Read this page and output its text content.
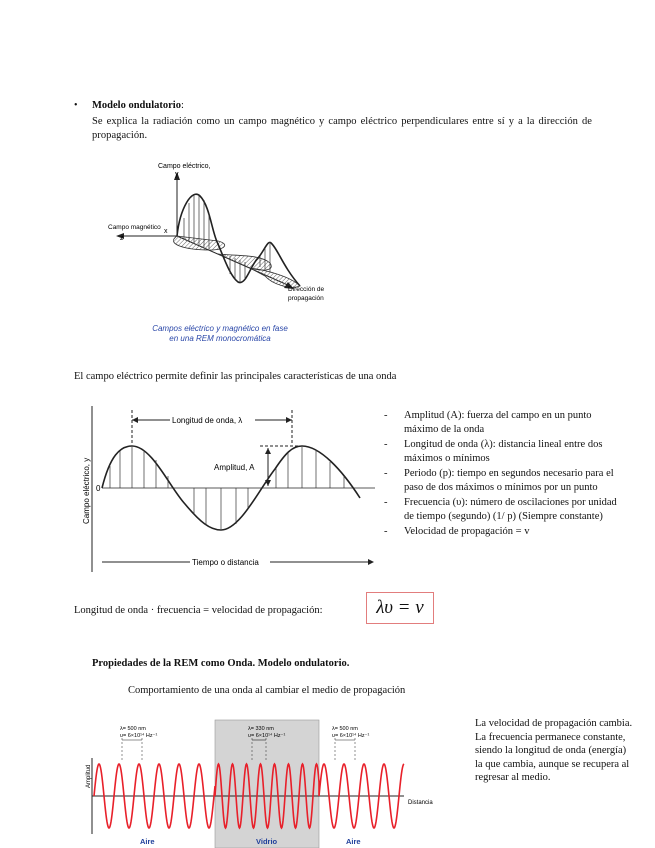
• Modelo ondulatorio:
Se explica la radiación como un campo magnético y campo eléctrico perpendiculares entre sí y a la dirección de propagación.
Campo eléctrico,
y
Campo magnético
z
x
Dirección de
propagación
Campos eléctrico y magnético en fase
en una REM monocromática
El campo eléctrico permite definir las principales características de una onda
Longitud de onda, λ
Amplitud, A
0
Campo eléctrico, y
Tiempo o distancia
- Amplitud (A): fuerza del campo en un punto máximo de la onda
- Longitud de onda (λ): distancia lineal entre dos máximos o mínimos
- Periodo (p): tiempo en segundos necesario para el paso de dos máximos o mínimos por un punto
- Frecuencia (υ): número de oscilaciones por unidad de tiempo (segundo) (1/ p) (Siempre constante)
- Velocidad de propagación = v
Longitud de onda · frecuencia = velocidad de propagación:	λυ = v
Propiedades de la REM como Onda. Modelo ondulatorio.
Comportamiento de una onda al cambiar el medio de propagación
Amplitud
Distancia
λ= 500 nm
υ= 6×10¹⁴ Hz⁻¹
λ= 330 nm
υ= 6×10¹⁴ Hz⁻¹
λ= 500 nm
υ= 6×10¹⁴ Hz⁻¹
Aire	Vidrio	Aire
La velocidad de propagación cambia. La frecuencia permanece constante, siendo la longitud de onda (energía) la que cambia, aunque se recupera al regresar al medio.
